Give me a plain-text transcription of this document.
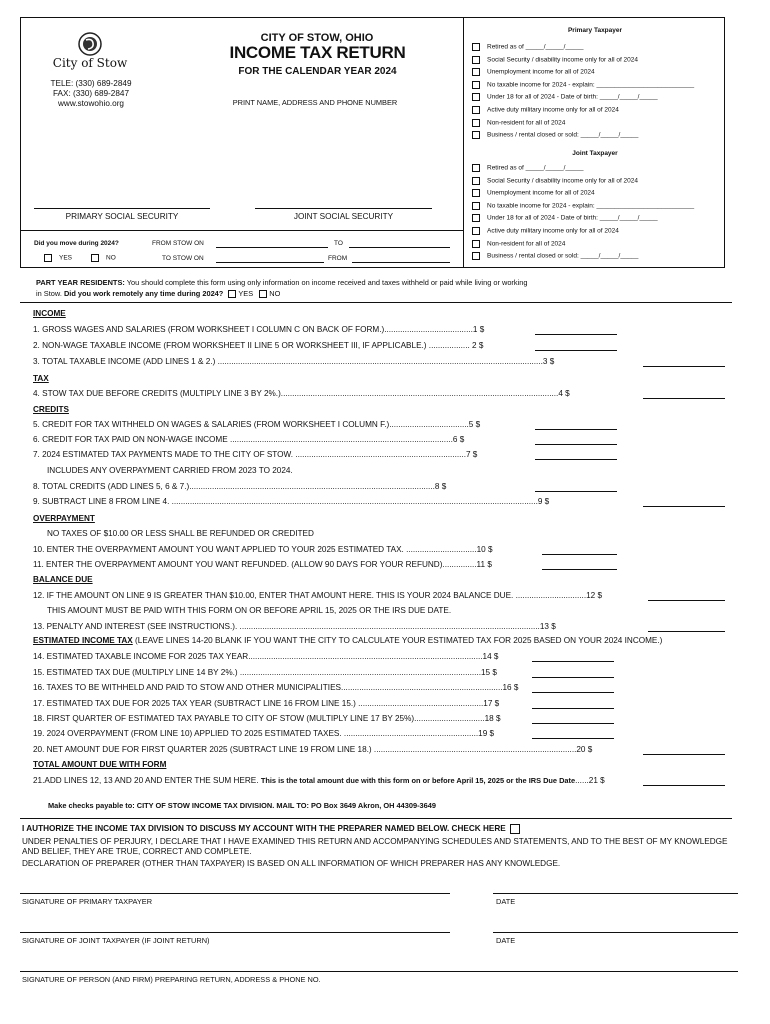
City of Stow
TELE: (330) 689-2849
FAX: (330) 689-2847
www.stowohio.org
CITY OF STOW, OHIO
INCOME TAX RETURN
FOR THE CALENDAR YEAR 2024
PRINT NAME, ADDRESS AND PHONE NUMBER
PRIMARY SOCIAL SECURITY	JOINT SOCIAL SECURITY
Did you move during 2024?	FROM STOW ON	TO
YES	NO	TO STOW ON	FROM
Primary Taxpayer
Retired as of _____/_____/_____
Social Security / disability income only for all of 2024
Unemployment income for all of 2024
No taxable income for 2024 - explain: ___________________________
Under 18 for all of 2024 - Date of birth: _____/_____/_____
Active duty military income only for all of 2024
Non-resident for all of 2024
Business / rental closed or sold: _____/_____/_____
Joint Taxpayer
Retired as of _____/_____/_____
Social Security / disability income only for all of 2024
Unemployment income for all of 2024
No taxable income for 2024 - explain: ___________________________
Under 18 for all of 2024 - Date of birth: _____/_____/_____
Active duty military income only for all of 2024
Non-resident for all of 2024
Business / rental closed or sold: _____/_____/_____
PART YEAR RESIDENTS: You should complete this form using only information on income received and taxes withheld or paid while living or working
in Stow. Did you work remotely any time during 2024? YES NO
INCOME
TAX
CREDITS
OVERPAYMENT
BALANCE DUE
ESTIMATED INCOME TAX (LEAVE LINES 14-20 BLANK IF YOU WANT THE CITY TO CALCULATE YOUR ESTIMATED TAX FOR 2025 BASED ON YOUR 2024 INCOME.)
TOTAL AMOUNT DUE WITH FORM
1. GROSS WAGES AND SALARIES (FROM WORKSHEET I COLUMN C ON BACK OF FORM.).......................................1 $
2. NON-WAGE TAXABLE INCOME (FROM WORKSHEET II LINE 5 OR WORKSHEET III, IF APPLICABLE.) .................. 2 $
3. TOTAL TAXABLE INCOME (ADD LINES 1 & 2.) ...............................................................................................................................................3 $
4. STOW TAX DUE BEFORE CREDITS (MULTIPLY LINE 3 BY 2%.)..........................................................................................................................4 $
5. CREDIT FOR TAX WITHHELD ON WAGES & SALARIES (FROM WORKSHEET I COLUMN F.)...................................5 $
6. CREDIT FOR TAX PAID ON NON-WAGE INCOME ..................................................................................................6 $
7. 2024 ESTIMATED TAX PAYMENTS MADE TO THE CITY OF STOW. ...........................................................................7 $
INCLUDES ANY OVERPAYMENT CARRIED FROM 2023 TO 2024.
8. TOTAL CREDITS (ADD LINES 5, 6 & 7.)............................................................................................................8 $
9. SUBTRACT LINE 8 FROM LINE 4. .................................................................................................................................................................9 $
NO TAXES OF $10.00 OR LESS SHALL BE REFUNDED OR CREDITED
10. ENTER THE OVERPAYMENT AMOUNT YOU WANT APPLIED TO YOUR 2025 ESTIMATED TAX. ...............................10 $
11. ENTER THE OVERPAYMENT AMOUNT YOU WANT REFUNDED. (ALLOW 90 DAYS FOR YOUR REFUND)...............11 $
12. IF THE AMOUNT ON LINE 9 IS GREATER THAN $10.00, ENTER THAT AMOUNT HERE. THIS IS YOUR 2024 BALANCE DUE. ...............................12 $
THIS AMOUNT MUST BE PAID WITH THIS FORM ON OR BEFORE APRIL 15, 2025 OR THE IRS DUE DATE.
13. PENALTY AND INTEREST (SEE INSTRUCTIONS.). ....................................................................................................................................13 $
14. ESTIMATED TAXABLE INCOME FOR 2025 TAX YEAR.......................................................................................................14 $
15. ESTIMATED TAX DUE (MULTIPLY LINE 14 BY 2%.) ..........................................................................................................15 $
16. TAXES TO BE WITHHELD AND PAID TO STOW AND OTHER MUNICIPALITIES.......................................................................16 $
17. ESTIMATED TAX DUE FOR 2025 TAX YEAR (SUBTRACT LINE 16 FROM LINE 15.) .......................................................17 $
18. FIRST QUARTER OF ESTIMATED TAX PAYABLE TO CITY OF STOW (MULTIPLY LINE 17 BY 25%)...............................18 $
19. 2024 OVERPAYMENT (FROM LINE 10) APPLIED TO 2025 ESTIMATED TAXES. ...........................................................19 $
20. NET AMOUNT DUE FOR FIRST QUARTER 2025 (SUBTRACT LINE 19 FROM LINE 18.) .........................................................................................20 $
21.ADD LINES 12, 13 AND 20 AND ENTER THE SUM HERE. This is the total amount due with this form on or before April 15, 2025 or the IRS Due Date......21 $
Make checks payable to: CITY OF STOW INCOME TAX DIVISION. MAIL TO: PO Box 3649 Akron, OH 44309-3649
I AUTHORIZE THE INCOME TAX DIVISION TO DISCUSS MY ACCOUNT WITH THE PREPARER NAMED BELOW. CHECK HERE
UNDER PENALTIES OF PERJURY, I DECLARE THAT I HAVE EXAMINED THIS RETURN AND ACCOMPANYING SCHEDULES AND STATEMENTS, AND TO THE BEST OF MY KNOWLEDGE AND BELIEF, THEY ARE TRUE, CORRECT AND COMPLETE.
DECLARATION OF PREPARER (OTHER THAN TAXPAYER) IS BASED ON ALL INFORMATION OF WHICH PREPARER HAS ANY KNOWLEDGE.
SIGNATURE OF PRIMARY TAXPAYER	DATE
SIGNATURE OF JOINT TAXPAYER (IF JOINT RETURN)	DATE
SIGNATURE OF PERSON (AND FIRM) PREPARING RETURN, ADDRESS & PHONE NO.
